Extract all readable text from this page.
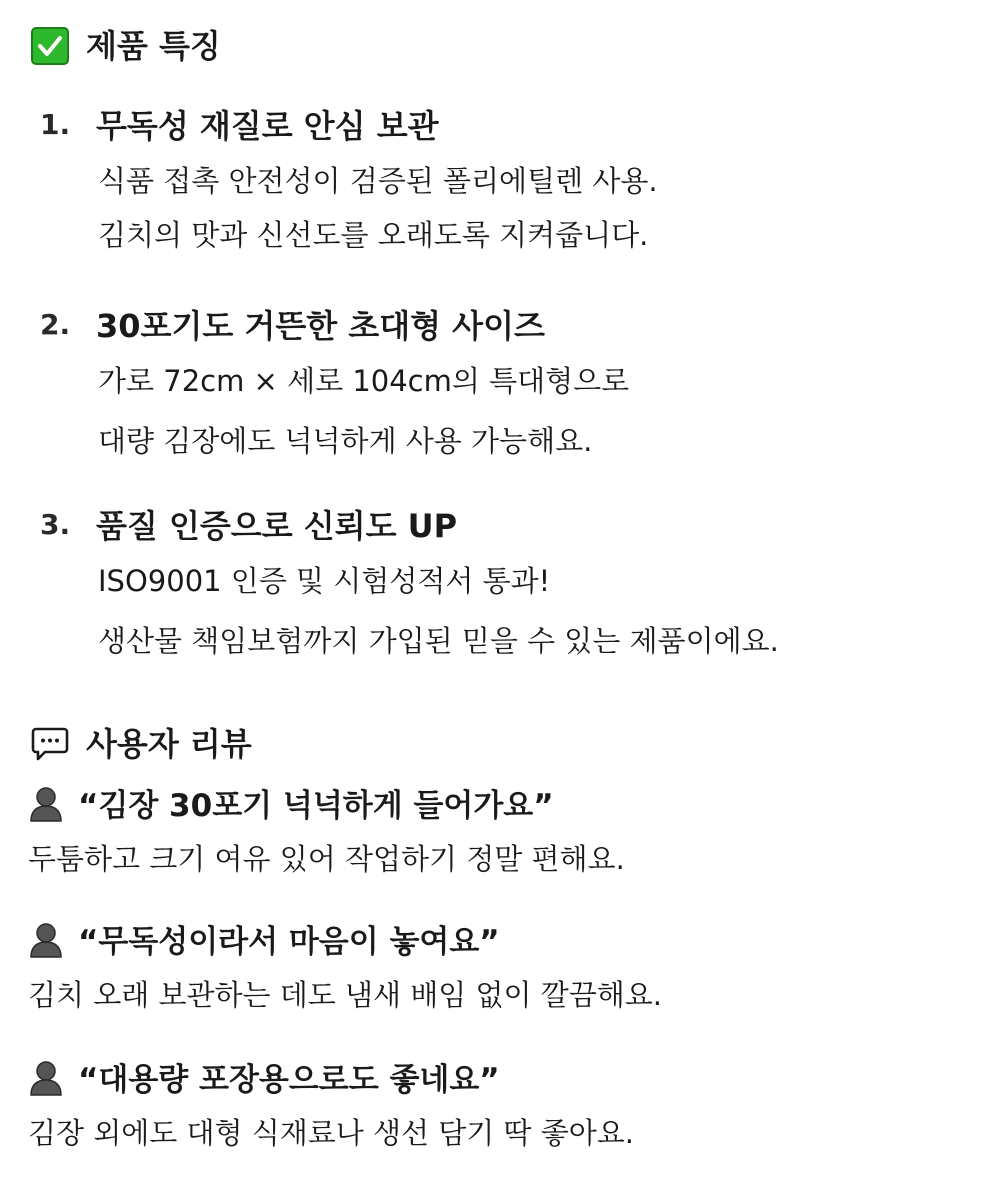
제품 특징
1. 무독성 재질로 안심 보관
식품 접촉 안전성이 검증된 폴리에틸렌 사용.
김치의 맛과 신선도를 오래도록 지켜줍니다.
2. 30포기도 거뜬한 초대형 사이즈
가로 72cm × 세로 104cm의 특대형으로
대량 김장에도 넉넉하게 사용 가능해요.
3. 품질 인증으로 신뢰도 UP
ISO9001 인증 및 시험성적서 통과!
생산물 책임보험까지 가입된 믿을 수 있는 제품이에요.
사용자 리뷰
“김장 30포기 넉넉하게 들어가요”
두툼하고 크기 여유 있어 작업하기 정말 편해요.
“무독성이라서 마음이 놓여요”
김치 오래 보관하는 데도 냄새 배임 없이 깔끔해요.
“대용량 포장용으로도 좋네요”
김장 외에도 대형 식재료나 생선 담기 딱 좋아요.
